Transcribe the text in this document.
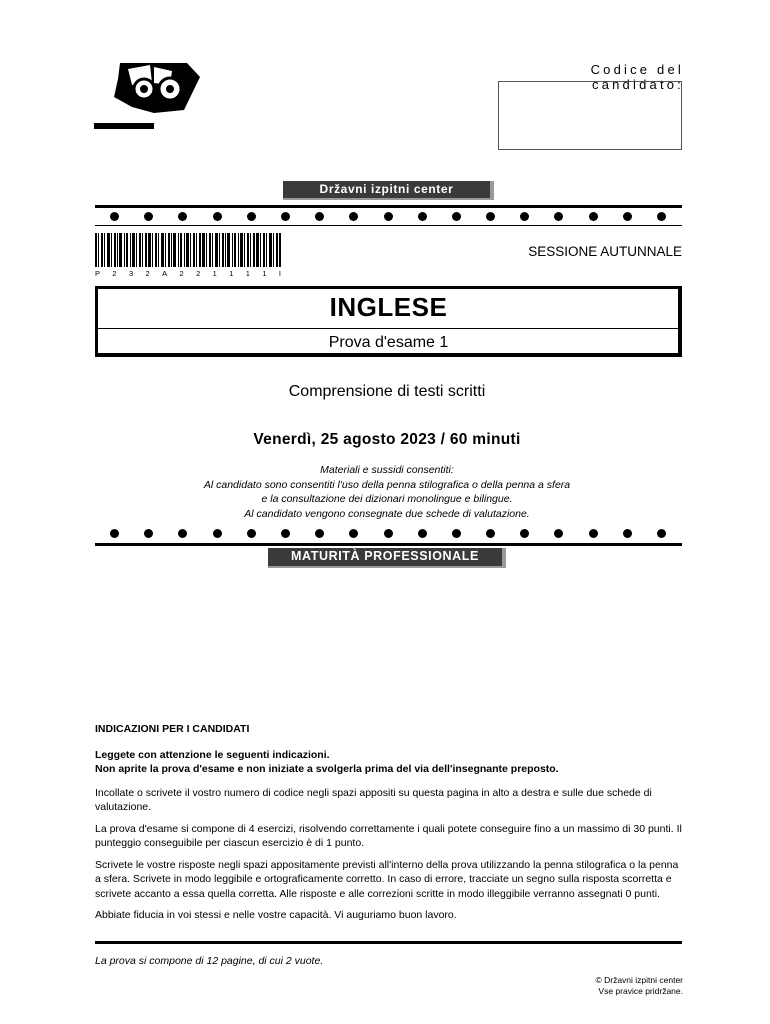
Codice del candidato:
Državni izpitni center
P 2 3 2 A 2 2 1 1 1 1 I
SESSIONE AUTUNNALE
INGLESE
Prova d'esame 1
Comprensione di testi scritti
Venerdì, 25 agosto 2023 / 60 minuti
Materiali e sussidi consentiti:
Al candidato sono consentiti l'uso della penna stilografica o della penna a sfera
e la consultazione dei dizionari monolingue e bilingue.
Al candidato vengono consegnate due schede di valutazione.
MATURITÀ PROFESSIONALE

INDICAZIONI PER I CANDIDATI

Leggete con attenzione le seguenti indicazioni.
Non aprite la prova d'esame e non iniziate a svolgerla prima del via dell'insegnante preposto.

Incollate o scrivete il vostro numero di codice negli spazi appositi su questa pagina in alto a destra e sulle due schede di valutazione.

La prova d'esame si compone di 4 esercizi, risolvendo correttamente i quali potete conseguire fino a un massimo di 30 punti. Il punteggio conseguibile per ciascun esercizio è di 1 punto.

Scrivete le vostre risposte negli spazi appositamente previsti all'interno della prova utilizzando la penna stilografica o la penna a sfera. Scrivete in modo leggibile e ortograficamente corretto. In caso di errore, tracciate un segno sulla risposta scorretta e scrivete accanto a essa quella corretta. Alle risposte e alle correzioni scritte in modo illeggibile verranno assegnati 0 punti.

Abbiate fiducia in voi stessi e nelle vostre capacità. Vi auguriamo buon lavoro.

La prova si compone di 12 pagine, di cui 2 vuote.
© Državni izpitni center
Vse pravice pridržane.
